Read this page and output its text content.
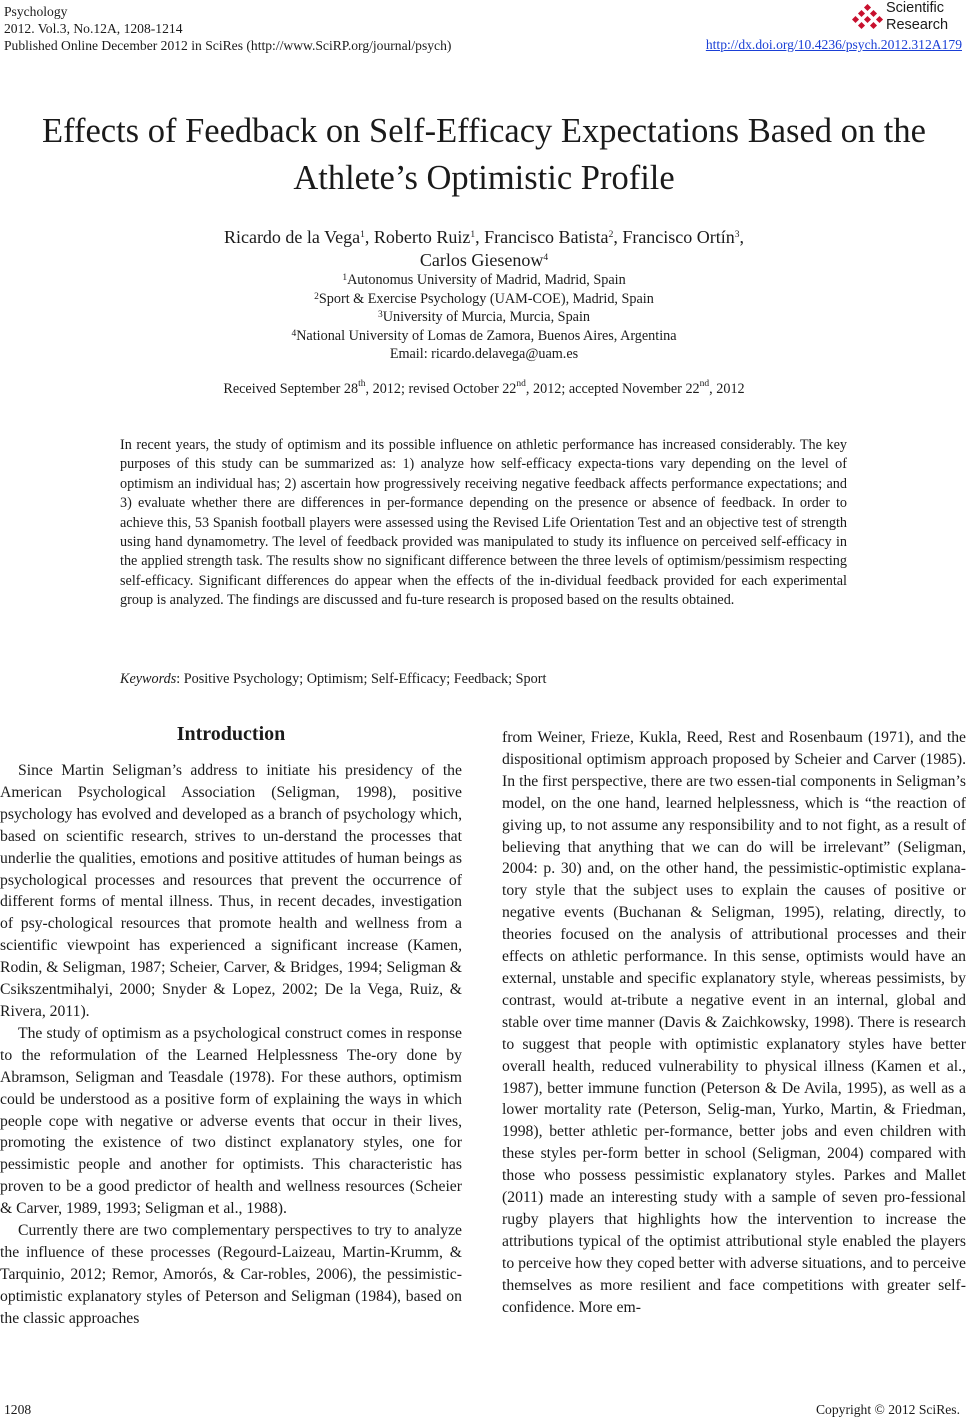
Psychology
2012. Vol.3, No.12A, 1208-1214
Published Online December 2012 in SciRes (http://www.SciRP.org/journal/psych)
Scientific
Research
http://dx.doi.org/10.4236/psych.2012.312A179
Effects of Feedback on Self-Efficacy Expectations Based on the
Athlete’s Optimistic Profile
Ricardo de la Vega$^1$, Roberto Ruiz$^1$, Francisco Batista$^2$, Francisco Ortín$^3$,
Carlos Giesenow$^4$
$^1$Autonomus University of Madrid, Madrid, Spain
$^2$Sport & Exercise Psychology (UAM-COE), Madrid, Spain
$^3$University of Murcia, Murcia, Spain
$^4$National University of Lomas de Zamora, Buenos Aires, Argentina
Email: ricardo.delavega@uam.es
Received September 28th, 2012; revised October 22nd, 2012; accepted November 22nd, 2012

In recent years, the study of optimism and its possible influence on athletic performance has increased considerably. The key purposes of this study can be summarized as: 1) analyze how self-efficacy expecta-tions vary depending on the level of optimism an individual has; 2) ascertain how progressively receiving negative feedback affects performance expectations; and 3) evaluate whether there are differences in per-formance depending on the presence or absence of feedback. In order to achieve this, 53 Spanish football players were assessed using the Revised Life Orientation Test and an objective test of strength using hand dynamometry. The level of feedback provided was manipulated to study its influence on perceived self-efficacy in the applied strength task. The results show no significant difference between the three levels of optimism/pessimism respecting self-efficacy. Significant differences do appear when the effects of the in-dividual feedback provided for each experimental group is analyzed. The findings are discussed and fu-ture research is proposed based on the results obtained.

Keywords: Positive Psychology; Optimism; Self-Efficacy; Feedback; Sport
Introduction

Since Martin Seligman’s address to initiate his presidency of the American Psychological Association (Seligman, 1998), positive psychology has evolved and developed as a branch of psychology which, based on scientific research, strives to un-derstand the processes that underlie the qualities, emotions and positive attitudes of human beings as psychological processes and resources that prevent the occurrence of different forms of mental illness. Thus, in recent decades, investigation of psy-chological resources that promote health and wellness from a scientific viewpoint has experienced a significant increase (Kamen, Rodin, & Seligman, 1987; Scheier, Carver, & Bridges, 1994; Seligman & Csikszentmihalyi, 2000; Snyder & Lopez, 2002; De la Vega, Ruiz, & Rivera, 2011).

The study of optimism as a psychological construct comes in response to the reformulation of the Learned Helplessness The-ory done by Abramson, Seligman and Teasdale (1978). For these authors, optimism could be understood as a positive form of explaining the ways in which people cope with negative or adverse events that occur in their lives, promoting the existence of two distinct explanatory styles, one for pessimistic people and another for optimists. This characteristic has proven to be a good predictor of health and wellness resources (Scheier & Carver, 1989, 1993; Seligman et al., 1988).

Currently there are two complementary perspectives to try to analyze the influence of these processes (Regourd-Laizeau, Martin-Krumm, & Tarquinio, 2012; Remor, Amorós, & Car-robles, 2006), the pessimistic-optimistic explanatory styles of Peterson and Seligman (1984), based on the classic approaches

from Weiner, Frieze, Kukla, Reed, Rest and Rosenbaum (1971), and the dispositional optimism approach proposed by Scheier and Carver (1985). In the first perspective, there are two essen-tial components in Seligman’s model, on the one hand, learned helplessness, which is “the reaction of giving up, to not assume any responsibility and to not fight, as a result of believing that anything that we can do will be irrelevant” (Seligman, 2004: p. 30) and, on the other hand, the pessimistic-optimistic explana-tory style that the subject uses to explain the causes of positive or negative events (Buchanan & Seligman, 1995), relating, directly, to theories focused on the analysis of attributional processes and their effects on athletic performance. In this sense, optimists would have an external, unstable and specific explanatory style, whereas pessimists, by contrast, would at-tribute a negative event in an internal, global and stable over time manner (Davis & Zaichkowsky, 1998). There is research to suggest that people with optimistic explanatory styles have better overall health, reduced vulnerability to physical illness (Kamen et al., 1987), better immune function (Peterson & De Avila, 1995), as well as a lower mortality rate (Peterson, Selig-man, Yurko, Martin, & Friedman, 1998), better athletic per-formance, better jobs and even children with these styles per-form better in school (Seligman, 2004) compared with those who possess pessimistic explanatory styles. Parkes and Mallet (2011) made an interesting study with a sample of seven pro-fessional rugby players that highlights how the intervention to increase the attributions typical of the optimist attributional style enabled the players to perceive how they coped better with adverse situations, and to perceive themselves as more resilient and face competitions with greater self-confidence. More em-

1208	Copyright © 2012 SciRes.
